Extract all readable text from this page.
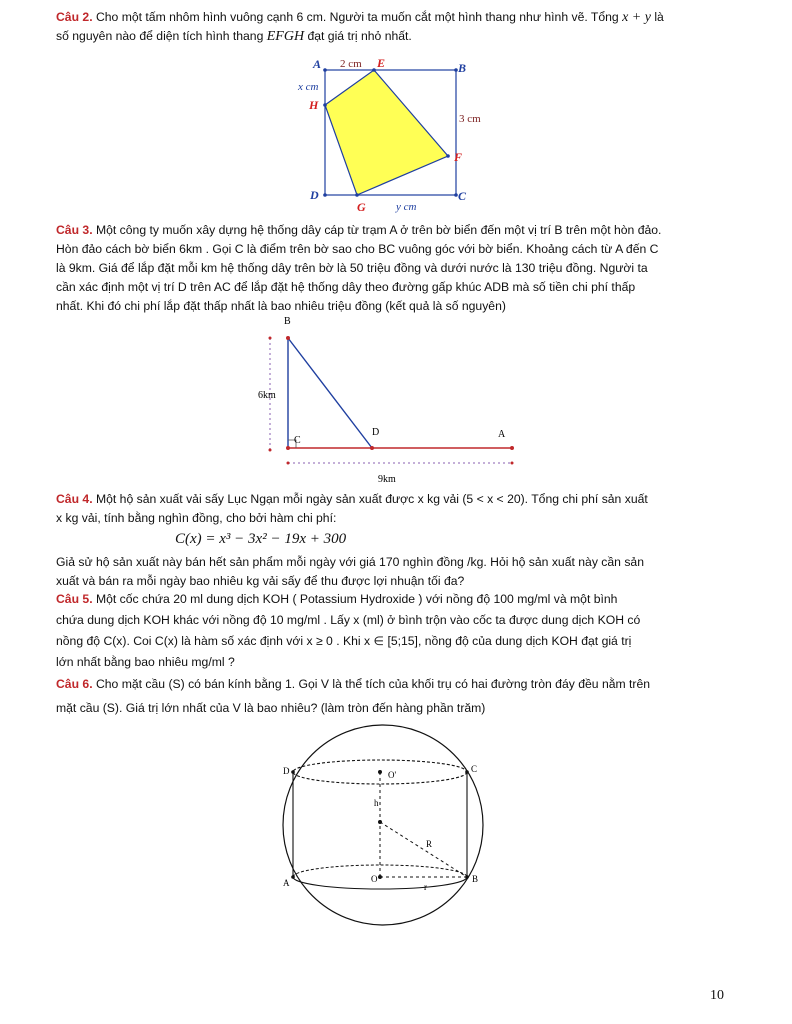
Câu 2. Cho một tấm nhôm hình vuông cạnh 6 cm. Người ta muốn cắt một hình thang như hình vẽ. Tổng x + y là
số nguyên nào để diện tích hình thang EFGH đạt giá trị nhỏ nhất.
A	B
C
D
E
F
G
H
2 cm
x cm
3 cm
y cm
Câu 3. Một công ty muốn xây dựng hệ thống dây cáp từ trạm A ở trên bờ biển đến một vị trí B trên một hòn đảo.
Hòn đảo cách bờ biển 6km . Gọi C là điểm trên bờ sao cho BC vuông góc với bờ biển. Khoảng cách từ A đến C
là 9km. Giá để lắp đặt mỗi km hệ thống dây trên bờ là 50 triệu đồng và dưới nước là 130 triệu đồng. Người ta
cần xác định một vị trí D trên AC để lắp đặt hệ thống dây theo đường gấp khúc ADB mà số tiền chi phí thấp
nhất. Khi đó chi phí lắp đặt thấp nhất là bao nhiêu triệu đồng (kết quả là số nguyên)
B
C
D	A
6km
9km
Câu 4. Một hộ sản xuất vải sấy Lục Ngạn mỗi ngày sản xuất được x kg vải (5 < x < 20). Tổng chi phí sản xuất
x kg vải, tính bằng nghìn đồng, cho bởi hàm chi phí:
C(x) = x³ − 3x² − 19x + 300
Giả sử hộ sản xuất này bán hết sản phẩm mỗi ngày với giá 170 nghìn đồng /kg. Hỏi hộ sản xuất này cần sản
xuất và bán ra mỗi ngày bao nhiêu kg vải sấy để thu được lợi nhuận tối đa?
Câu 5. Một cốc chứa 20 ml dung dịch KOH ( Potassium Hydroxide ) với nồng độ 100 mg/ml và một bình
chứa dung dịch KOH khác với nồng độ 10 mg/ml . Lấy x (ml) ở bình trộn vào cốc ta được dung dịch KOH có
nồng độ C(x). Coi C(x) là hàm số xác định với x ≥ 0 . Khi x ∈ [5;15], nồng độ của dung dịch KOH đạt giá trị
lớn nhất bằng bao nhiêu mg/ml ?
Câu 6. Cho mặt cầu (S) có bán kính bằng 1. Gọi V là thể tích của khối trụ có hai đường tròn đáy đều nằm trên
mặt cầu (S). Giá trị lớn nhất của V là bao nhiêu? (làm tròn đến hàng phần trăm)
D	C
A	B
O'
O
h
R
r
10
